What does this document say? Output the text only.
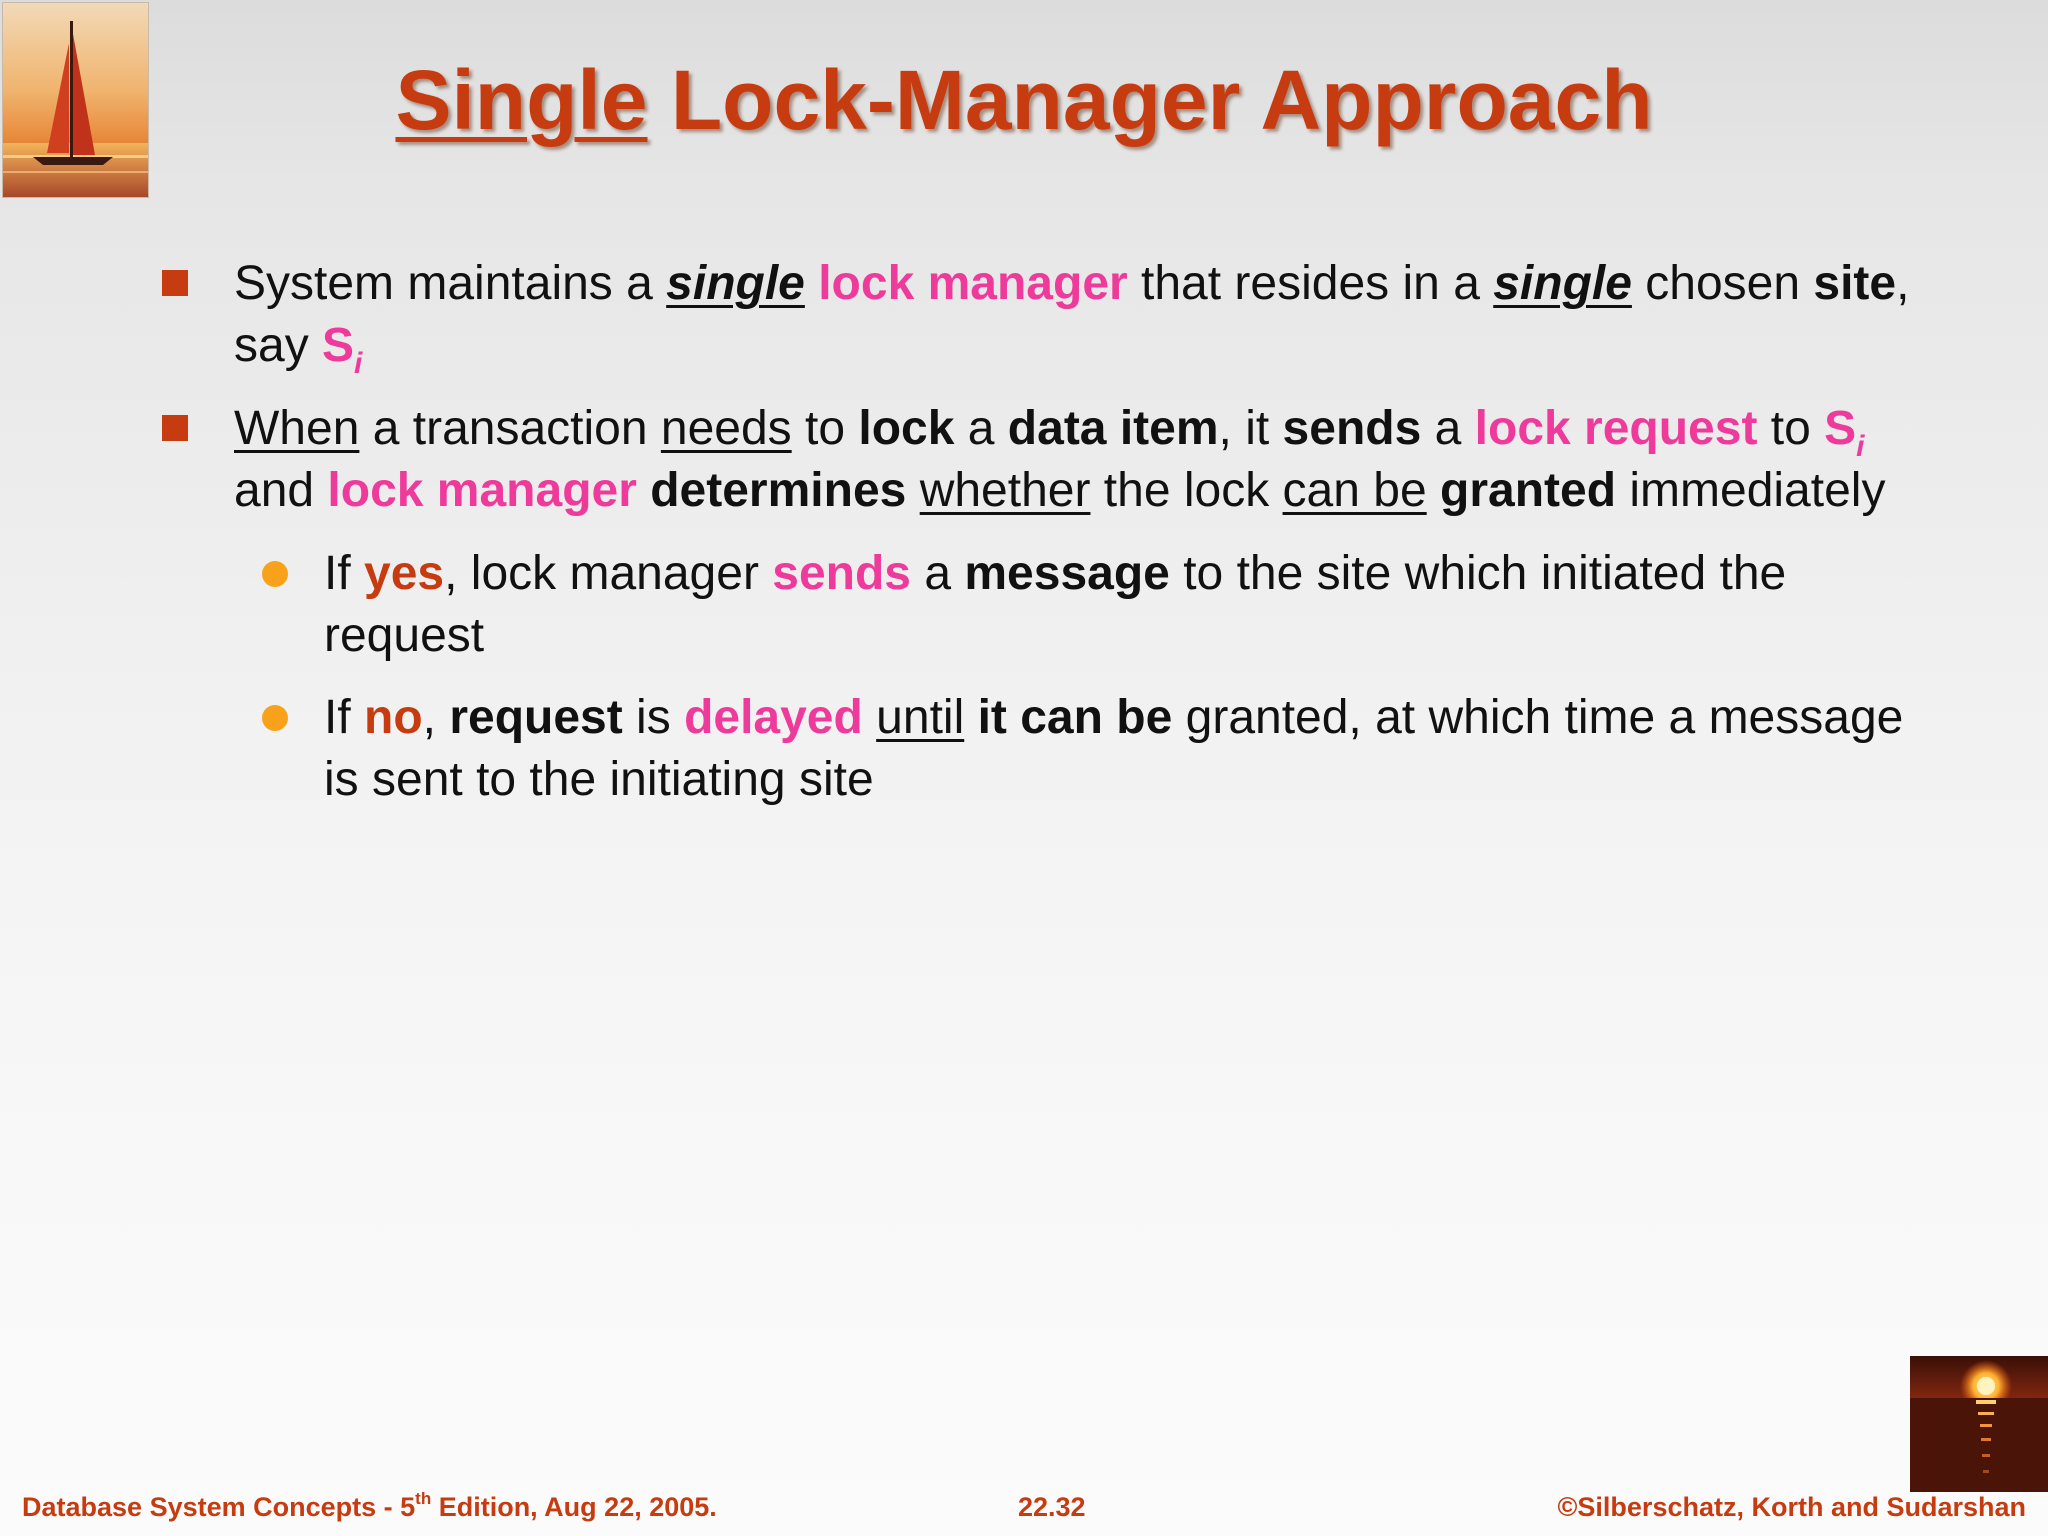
Single Lock-Manager Approach
System maintains a single lock manager that resides in a single chosen site,
say $S_i$
When a transaction needs to lock a data item, it sends a lock request to $S_i$
and lock manager determines whether the lock can be granted immediately
If yes, lock manager sends a message to the site which initiated the
request
If no, request is delayed until it can be granted, at which time a message
is sent to the initiating site
Database System Concepts - 5th Edition, Aug 22, 2005.	22.32	©Silberschatz, Korth and Sudarshan
